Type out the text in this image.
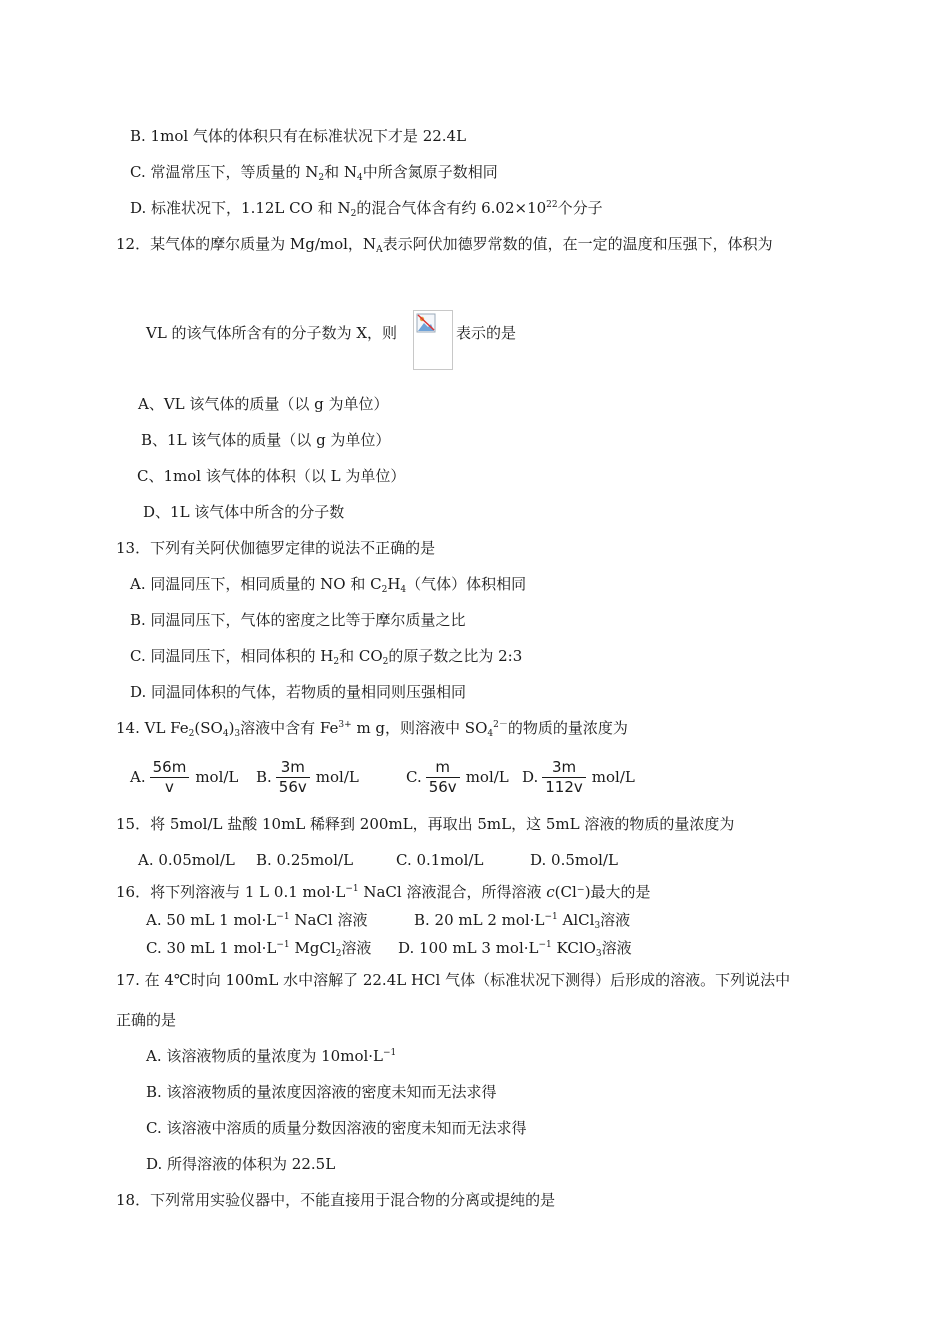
B. 1mol 气体的体积只有在标准状况下才是 22.4L
C. 常温常压下，等质量的 $N_2$和 $N_4$中所含氮原子数相同
D. 标准状况下，1.12L CO 和 $N_2$的混合气体含有约 $6.02\times 10^{22}$个分子
12．某气体的摩尔质量为 Mg/mol，$N_A$表示阿伏加德罗常数的值，在一定的温度和压强下，体积为
VL 的该气体所含有的分子数为 X，则	表示的是
A、VL 该气体的质量（以 g 为单位）
B、1L 该气体的质量（以 g 为单位）
C、1mol 该气体的体积（以 L 为单位）
D、1L 该气体中所含的分子数
13．下列有关阿伏伽德罗定律的说法不正确的是
A. 同温同压下，相同质量的 NO 和 $C_2H_4$（气体）体积相同
B. 同温同压下，气体的密度之比等于摩尔质量之比
C. 同温同压下，相同体积的 $H_2$和 $CO_2$的原子数之比为 2:3
D. 同温同体积的气体，若物质的量相同则压强相同
14. VL $Fe_2(SO_4)_3$溶液中含有 $Fe^{3+}$ m g，则溶液中 $SO_4^{2-}$的物质的量浓度为
A. $\frac{56m}{v} mol/L$ B. $\frac{3m}{56v} mol/L$	C. $\frac{m}{56v} mol/L$ D. $\frac{3m}{112v} mol/L$
15．将 5mol/L 盐酸 10mL 稀释到 200mL，再取出 5mL，这 5mL 溶液的物质的量浓度为
A. 0.05mol/L B. 0.25mol/L	C. 0.1mol/L	D. 0.5mol/L
16．将下列溶液与 1 L 0.1 $mol\cdot L^{-1}$ NaCl 溶液混合，所得溶液 c(Cl⁻)最大的是
A. 50 mL 1 $mol\cdot L^{-1}$ NaCl 溶液	B. 20 mL 2 $mol\cdot L^{-1}$ AlCl$_3$溶液
C. 30 mL 1 $mol\cdot L^{-1}$ MgCl$_2$溶液 D. 100 mL 3 $mol\cdot L^{-1}$ KClO$_3$溶液
17. 在 4℃时向 100mL 水中溶解了 22.4L HCl 气体（标准状况下测得）后形成的溶液。下列说法中
正确的是
A. 该溶液物质的量浓度为 $10mol\cdot L^{-1}$
B. 该溶液物质的量浓度因溶液的密度未知而无法求得
C. 该溶液中溶质的质量分数因溶液的密度未知而无法求得
D. 所得溶液的体积为 22.5L
18．下列常用实验仪器中，不能直接用于混合物的分离或提纯的是
